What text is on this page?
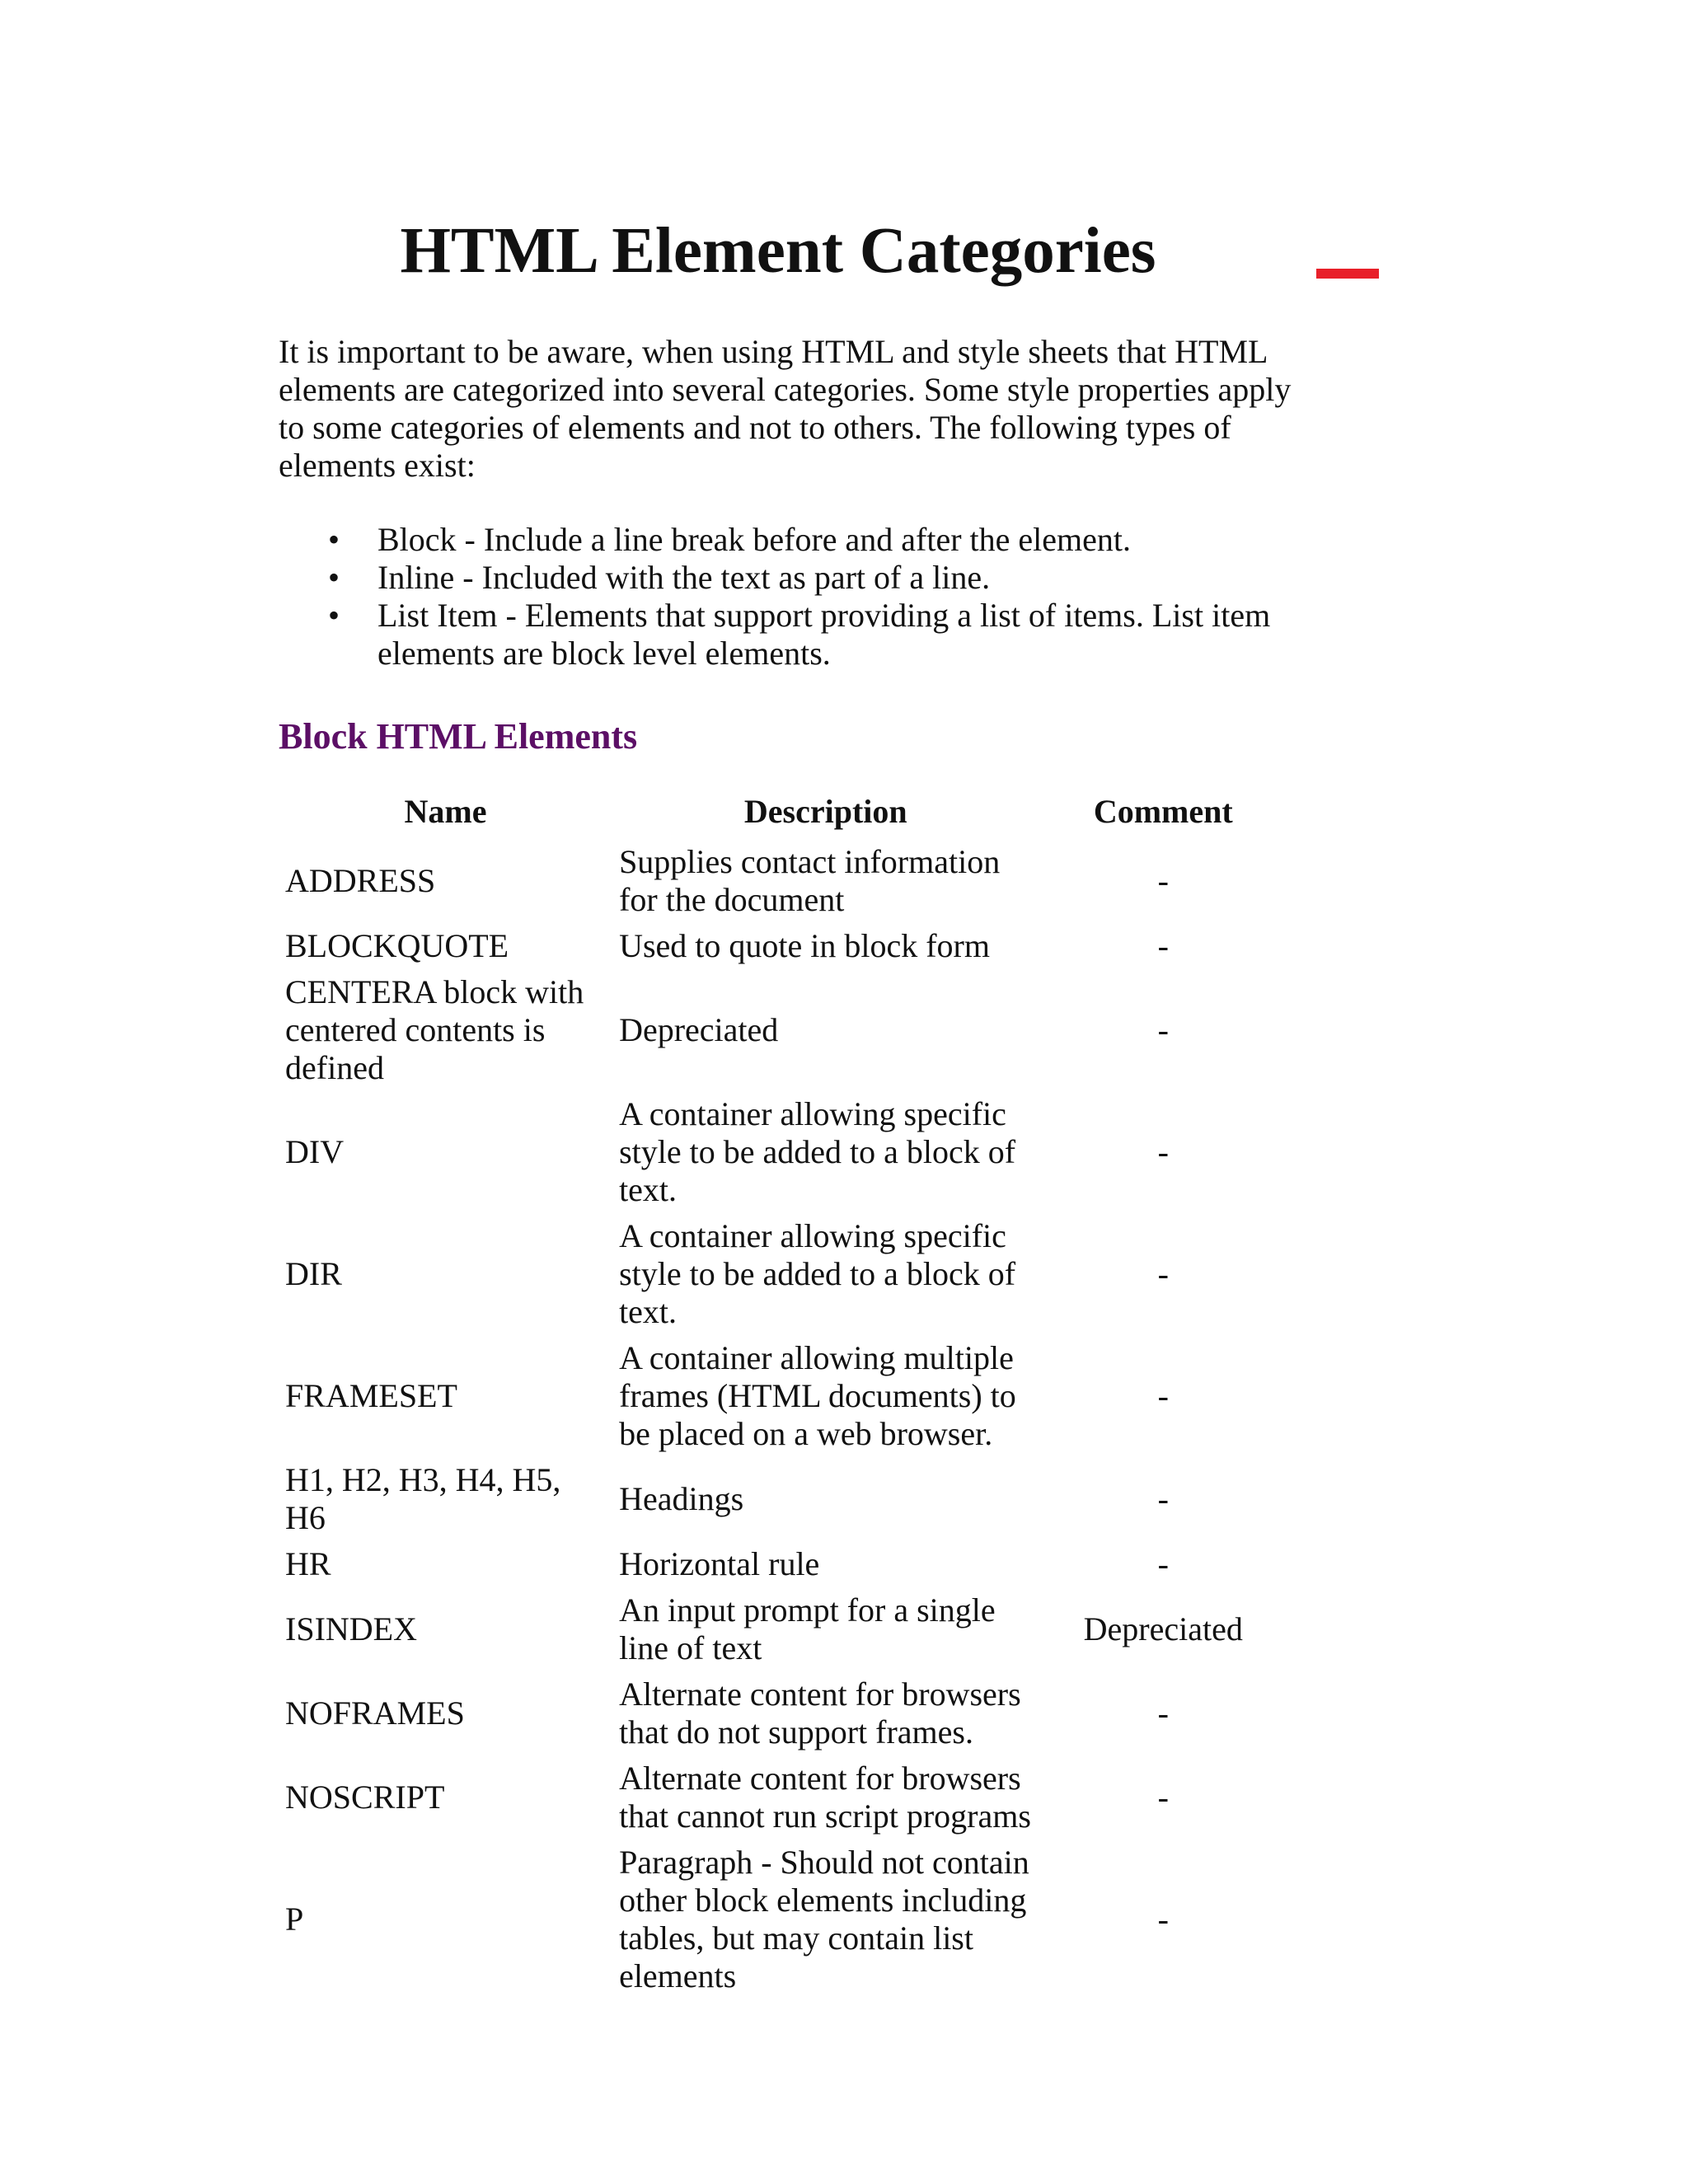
HTML Element Categories

It is important to be aware, when using HTML and style sheets that HTML elements are categorized into several categories. Some style properties apply to some categories of elements and not to others. The following types of elements exist:

• Block - Include a line break before and after the element.
• Inline - Included with the text as part of a line.
• List Item - Elements that support providing a list of items. List item elements are block level elements.
Block HTML Elements
Name	Description	Comment
ADDRESS	Supplies contact information for the document	-
BLOCKQUOTE	Used to quote in block form	-
CENTERA block with centered contents is defined	Depreciated	-
DIV	A container allowing specific style to be added to a block of text.	-
DIR	A container allowing specific style to be added to a block of text.	-
FRAMESET	A container allowing multiple frames (HTML documents) to be placed on a web browser.	-
H1, H2, H3, H4, H5, H6	Headings	-
HR	Horizontal rule	-
ISINDEX	An input prompt for a single line of text	Depreciated
NOFRAMES	Alternate content for browsers that do not support frames.	-
NOSCRIPT	Alternate content for browsers that cannot run script programs	-
P	Paragraph - Should not contain other block elements including tables, but may contain list elements	-
